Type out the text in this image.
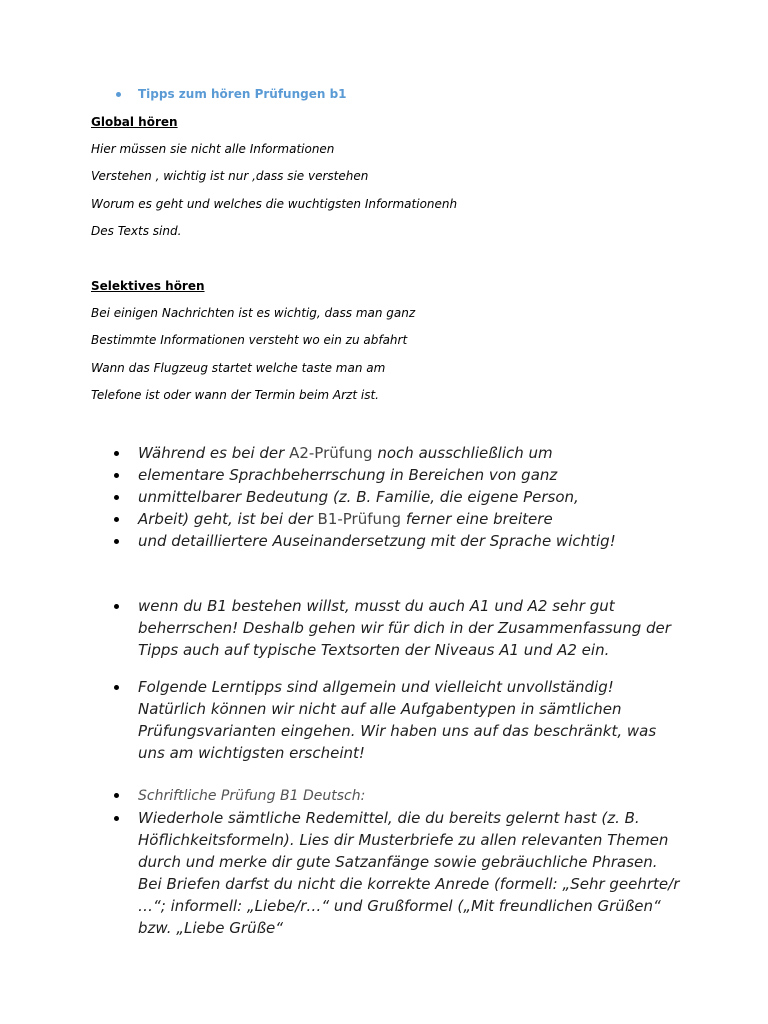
Tipps zum hören Prüfungen b1
Global hören
Hier müssen sie nicht alle Informationen
Verstehen , wichtig ist nur ,dass sie verstehen
Worum es geht und welches die wuchtigsten Informationenh
Des Texts sind.
Selektives hören
Bei einigen Nachrichten ist es wichtig, dass man ganz
Bestimmte Informationen versteht wo ein zu abfahrt
Wann das Flugzeug startet welche taste man am
Telefone ist oder wann der Termin beim Arzt ist.
Während es bei der A2-Prüfung noch ausschließlich um
elementare Sprachbeherrschung in Bereichen von ganz
unmittelbarer Bedeutung (z. B. Familie, die eigene Person,
Arbeit) geht, ist bei der B1-Prüfung ferner eine breitere
und detailliertere Auseinandersetzung mit der Sprache wichtig!
wenn du B1 bestehen willst, musst du auch A1 und A2 sehr gut beherrschen! Deshalb gehen wir für dich in der Zusammenfassung der Tipps auch auf typische Textsorten der Niveaus A1 und A2 ein.
Folgende Lerntipps sind allgemein und vielleicht unvollständig! Natürlich können wir nicht auf alle Aufgabentypen in sämtlichen Prüfungsvarianten eingehen. Wir haben uns auf das beschränkt, was uns am wichtigsten erscheint!
Schriftliche Prüfung B1 Deutsch:
Wiederhole sämtliche Redemittel, die du bereits gelernt hast (z. B. Höflichkeitsformeln). Lies dir Musterbriefe zu allen relevanten Themen durch und merke dir gute Satzanfänge sowie gebräuchliche Phrasen. Bei Briefen darfst du nicht die korrekte Anrede (formell: „Sehr geehrte/r …“; informell: „Liebe/r…“ und Grußformel („Mit freundlichen Grüßen“ bzw. „Liebe Grüße“
